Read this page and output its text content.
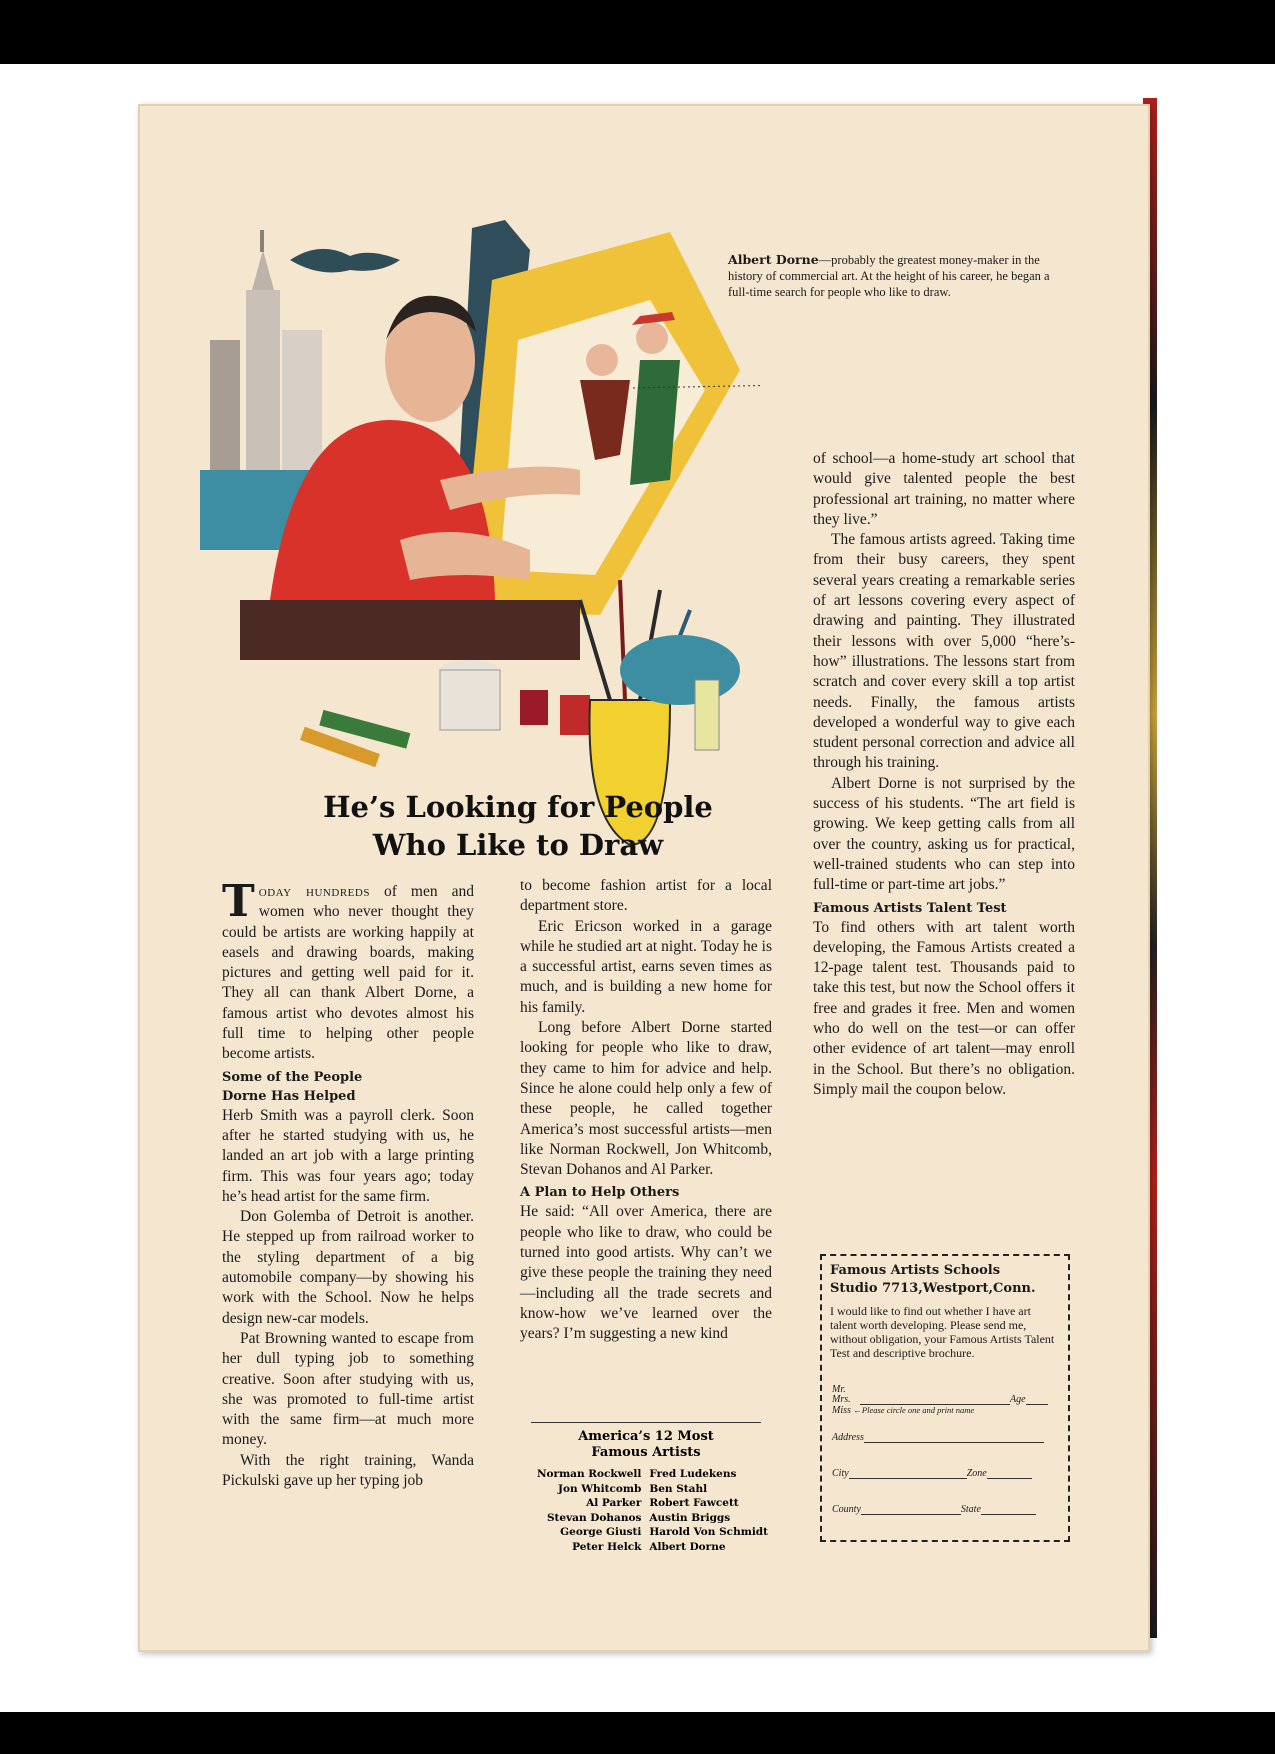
Albert Dorne—probably the greatest money-maker in the history of commercial art. At the height of his career, he began a full-time search for people who like to draw.
He’s Looking for People
Who Like to Draw

Today hundreds of men and women who never thought they could be artists are working happily at easels and drawing boards, making pictures and getting well paid for it. They all can thank Albert Dorne, a famous artist who devotes almost his full time to helping other people become artists.

Some of the People
Dorne Has Helped

Herb Smith was a payroll clerk. Soon after he started studying with us, he landed an art job with a large printing firm. This was four years ago; today he’s head artist for the same firm.

Don Golemba of Detroit is another. He stepped up from railroad worker to the styling department of a big automobile company—by showing his work with the School. Now he helps design new-car models.

Pat Browning wanted to escape from her dull typing job to something creative. Soon after studying with us, she was promoted to full-time artist with the same firm—at much more money.

With the right training, Wanda Pickulski gave up her typing job

to become fashion artist for a local department store.

Eric Ericson worked in a garage while he studied art at night. Today he is a successful artist, earns seven times as much, and is building a new home for his family.

Long before Albert Dorne started looking for people who like to draw, they came to him for advice and help. Since he alone could help only a few of these people, he called together America’s most successful artists—men like Norman Rockwell, Jon Whitcomb, Stevan Dohanos and Al Parker.

A Plan to Help Others

He said: “All over America, there are people who like to draw, who could be turned into good artists. Why can’t we give these people the training they need—including all the trade secrets and know-how we’ve learned over the years? I’m suggesting a new kind

America’s 12 Most
Famous Artists
Norman Rockwell	Fred Ludekens
Jon Whitcomb	Ben Stahl
Al Parker	Robert Fawcett
Stevan Dohanos	Austin Briggs
George Giusti	Harold Von Schmidt
Peter Helck	Albert Dorne

of school—a home-study art school that would give talented people the best professional art training, no matter where they live.”

The famous artists agreed. Taking time from their busy careers, they spent several years creating a remarkable series of art lessons covering every aspect of drawing and painting. They illustrated their lessons with over 5,000 “here’s-how” illustrations. The lessons start from scratch and cover every skill a top artist needs. Finally, the famous artists developed a wonderful way to give each student personal correction and advice all through his training.

Albert Dorne is not surprised by the success of his students. “The art field is growing. We keep getting calls from all over the country, asking us for practical, well-trained students who can step into full-time or part-time art jobs.”

Famous Artists Talent Test

To find others with art talent worth developing, the Famous Artists created a 12-page talent test. Thousands paid to take this test, but now the School offers it free and grades it free. Men and women who do well on the test—or can offer other evidence of art talent—may enroll in the School. But there’s no obligation. Simply mail the coupon below.

Famous Artists Schools
Studio 7713,Westport,Conn.
I would like to find out whether I have art talent worth developing. Please send me, without obligation, your Famous Artists Talent Test and descriptive brochure.
Mr.
Mrs.
Miss ←Please circle one and print name
Age
Address
City	Zone
County	State
